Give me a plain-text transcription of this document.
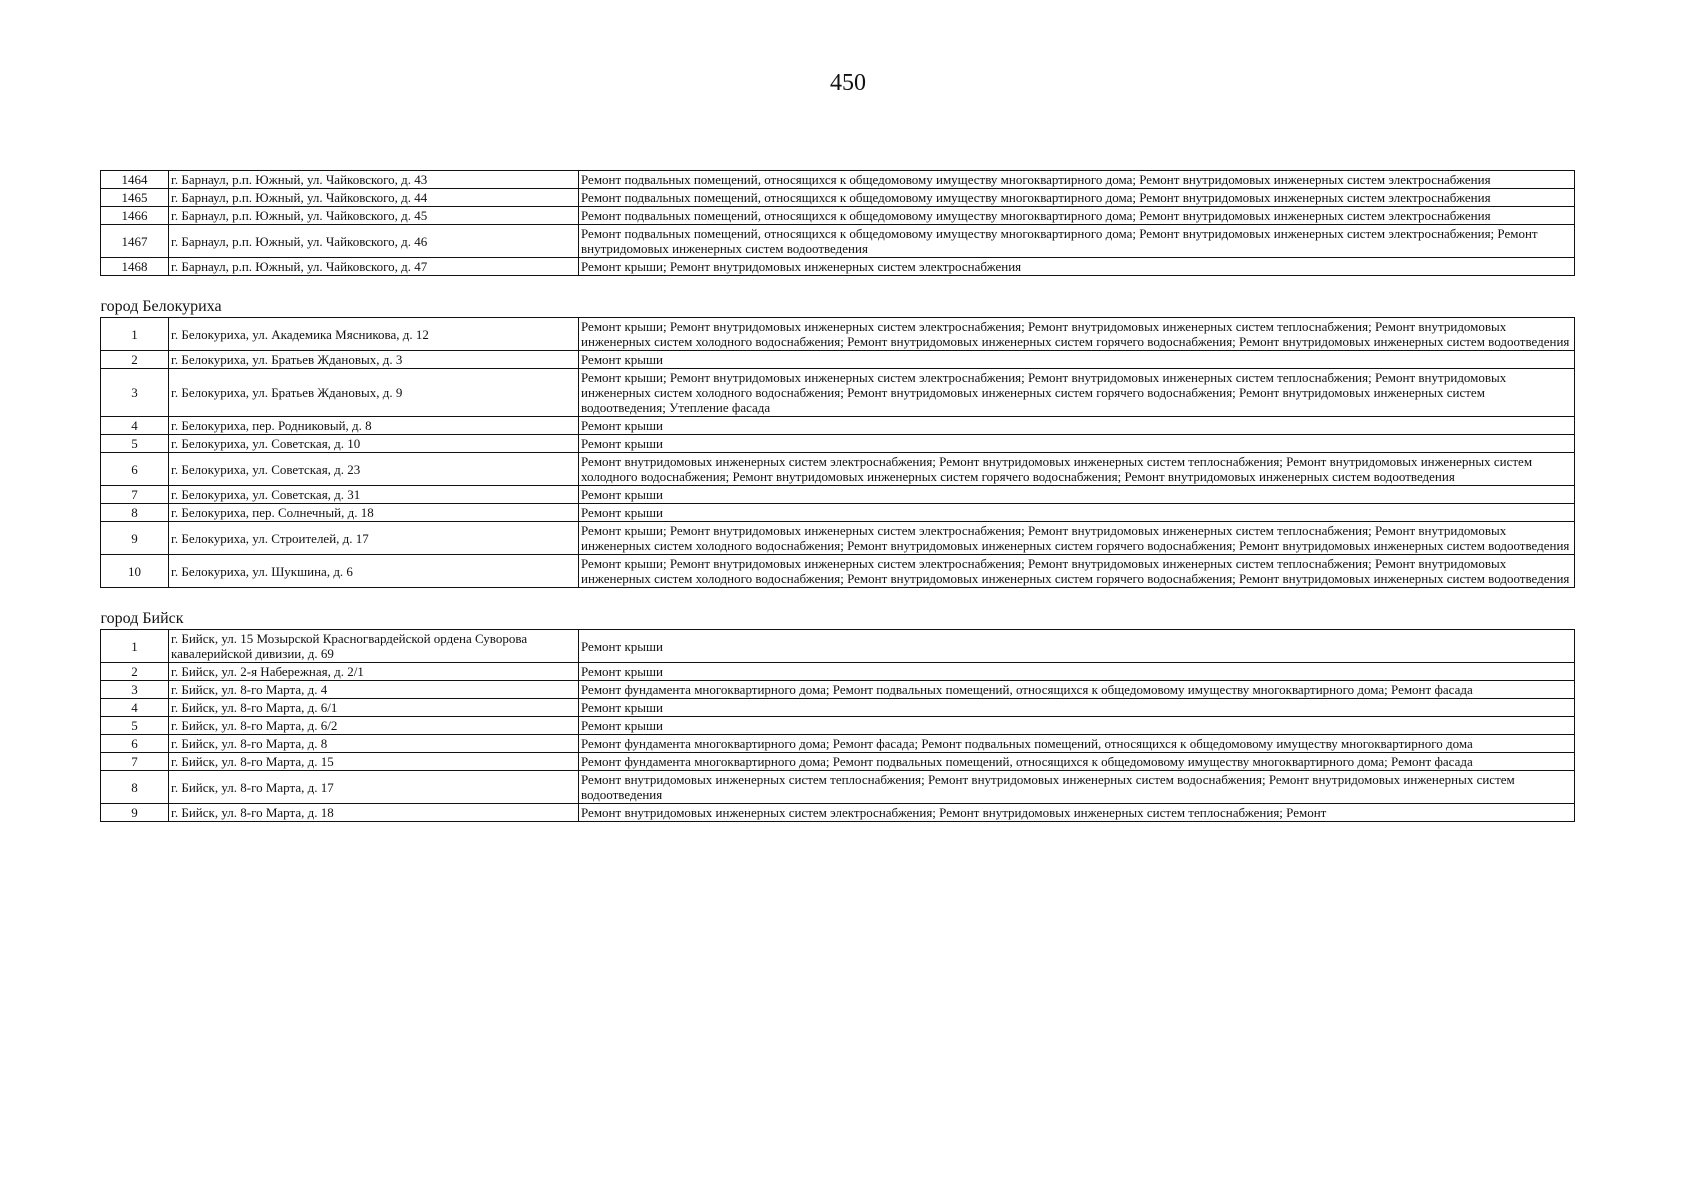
450
1464	г. Барнаул, р.п. Южный, ул. Чайковского, д. 43	Ремонт подвальных помещений, относящихся к общедомовому имуществу многоквартирного дома; Ремонт внутридомовых инженерных систем электроснабжения
1465	г. Барнаул, р.п. Южный, ул. Чайковского, д. 44	Ремонт подвальных помещений, относящихся к общедомовому имуществу многоквартирного дома; Ремонт внутридомовых инженерных систем электроснабжения
1466	г. Барнаул, р.п. Южный, ул. Чайковского, д. 45	Ремонт подвальных помещений, относящихся к общедомовому имуществу многоквартирного дома; Ремонт внутридомовых инженерных систем электроснабжения
1467	г. Барнаул, р.п. Южный, ул. Чайковского, д. 46	Ремонт подвальных помещений, относящихся к общедомовому имуществу многоквартирного дома; Ремонт внутридомовых инженерных систем электроснабжения; Ремонт внутридомовых инженерных систем водоотведения
1468	г. Барнаул, р.п. Южный, ул. Чайковского, д. 47	Ремонт крыши; Ремонт внутридомовых инженерных систем электроснабжения

город Белокуриха		
1	г. Белокуриха, ул. Академика Мясникова, д. 12	Ремонт крыши; Ремонт внутридомовых инженерных систем электроснабжения; Ремонт внутридомовых инженерных систем теплоснабжения; Ремонт внутридомовых инженерных систем холодного водоснабжения; Ремонт внутридомовых инженерных систем горячего водоснабжения; Ремонт внутридомовых инженерных систем водоотведения
2	г. Белокуриха, ул. Братьев Ждановых, д. 3	Ремонт крыши
3	г. Белокуриха, ул. Братьев Ждановых, д. 9	Ремонт крыши; Ремонт внутридомовых инженерных систем электроснабжения; Ремонт внутридомовых инженерных систем теплоснабжения; Ремонт внутридомовых инженерных систем холодного водоснабжения; Ремонт внутридомовых инженерных систем горячего водоснабжения; Ремонт внутридомовых инженерных систем водоотведения; Утепление фасада
4	г. Белокуриха, пер. Родниковый, д. 8	Ремонт крыши
5	г. Белокуриха, ул. Советская, д. 10	Ремонт крыши
6	г. Белокуриха, ул. Советская, д. 23	Ремонт внутридомовых инженерных систем электроснабжения; Ремонт внутридомовых инженерных систем теплоснабжения; Ремонт внутридомовых инженерных систем холодного водоснабжения; Ремонт внутридомовых инженерных систем горячего водоснабжения; Ремонт внутридомовых инженерных систем водоотведения
7	г. Белокуриха, ул. Советская, д. 31	Ремонт крыши
8	г. Белокуриха, пер. Солнечный, д. 18	Ремонт крыши
9	г. Белокуриха, ул. Строителей, д. 17	Ремонт крыши; Ремонт внутридомовых инженерных систем электроснабжения; Ремонт внутридомовых инженерных систем теплоснабжения; Ремонт внутридомовых инженерных систем холодного водоснабжения; Ремонт внутридомовых инженерных систем горячего водоснабжения; Ремонт внутридомовых инженерных систем водоотведения
10	г. Белокуриха, ул. Шукшина, д. 6	Ремонт крыши; Ремонт внутридомовых инженерных систем электроснабжения; Ремонт внутридомовых инженерных систем теплоснабжения; Ремонт внутридомовых инженерных систем холодного водоснабжения; Ремонт внутридомовых инженерных систем горячего водоснабжения; Ремонт внутридомовых инженерных систем водоотведения

город Бийск		
1	г. Бийск, ул. 15 Мозырской Красногвардейской ордена Суворова кавалерийской дивизии, д. 69	Ремонт крыши
2	г. Бийск, ул. 2-я Набережная, д. 2/1	Ремонт крыши
3	г. Бийск, ул. 8-го Марта, д. 4	Ремонт фундамента многоквартирного дома; Ремонт подвальных помещений, относящихся к общедомовому имуществу многоквартирного дома; Ремонт фасада
4	г. Бийск, ул. 8-го Марта, д. 6/1	Ремонт крыши
5	г. Бийск, ул. 8-го Марта, д. 6/2	Ремонт крыши
6	г. Бийск, ул. 8-го Марта, д. 8	Ремонт фундамента многоквартирного дома; Ремонт фасада; Ремонт подвальных помещений, относящихся к общедомовому имуществу многоквартирного дома
7	г. Бийск, ул. 8-го Марта, д. 15	Ремонт фундамента многоквартирного дома; Ремонт подвальных помещений, относящихся к общедомовому имуществу многоквартирного дома; Ремонт фасада
8	г. Бийск, ул. 8-го Марта, д. 17	Ремонт внутридомовых инженерных систем теплоснабжения; Ремонт внутридомовых инженерных систем водоснабжения; Ремонт внутридомовых инженерных систем водоотведения
9	г. Бийск, ул. 8-го Марта, д. 18	Ремонт внутридомовых инженерных систем электроснабжения; Ремонт внутридомовых инженерных систем теплоснабжения; Ремонт
